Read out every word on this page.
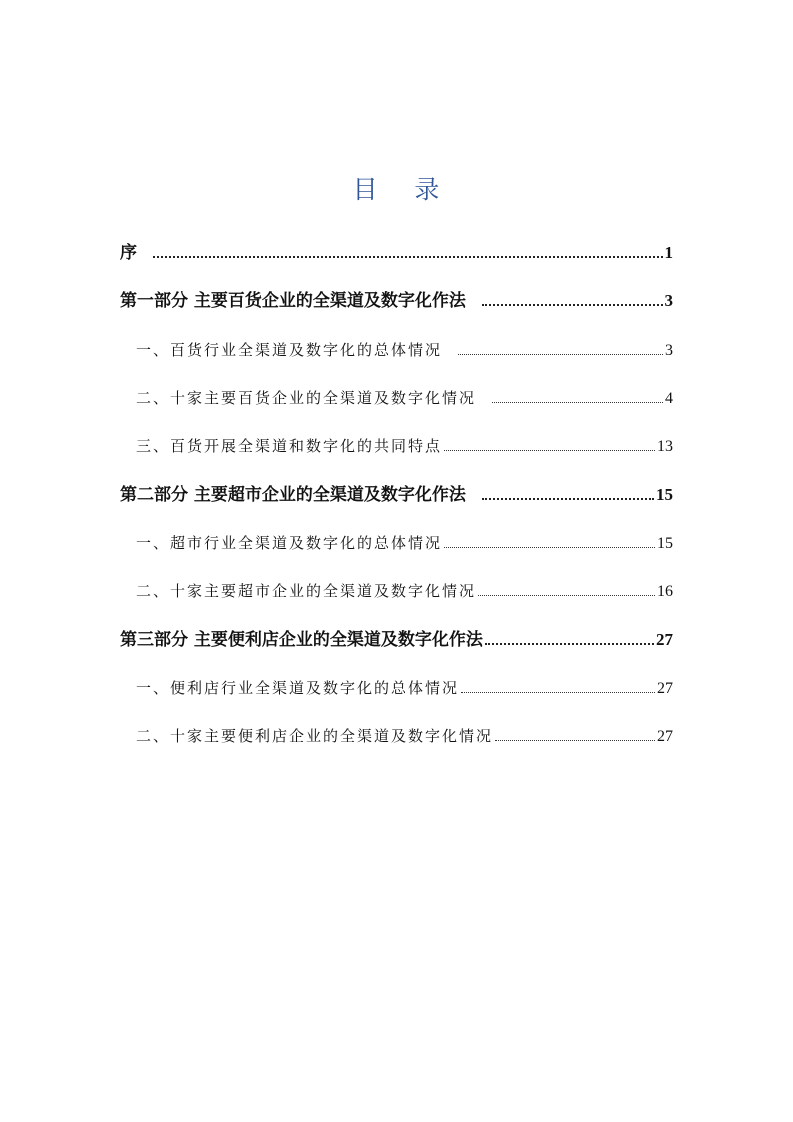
目    录
序	1
第一部分 主要百货企业的全渠道及数字化作法	3
一、百货行业全渠道及数字化的总体情况	3
二、十家主要百货企业的全渠道及数字化情况	4
三、百货开展全渠道和数字化的共同特点	13
第二部分 主要超市企业的全渠道及数字化作法	15
一、超市行业全渠道及数字化的总体情况	15
二、十家主要超市企业的全渠道及数字化情况	16
第三部分 主要便利店企业的全渠道及数字化作法	27
一、便利店行业全渠道及数字化的总体情况	27
二、十家主要便利店企业的全渠道及数字化情况	27
